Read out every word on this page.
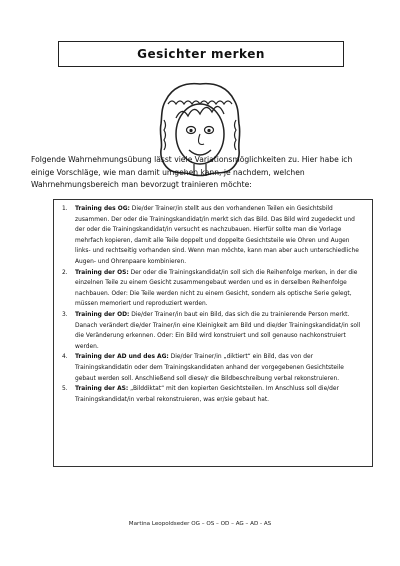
Gesichter merken
Folgende Wahrnehmungsübung lässt viele Variationsmöglichkeiten zu. Hier habe ich einige Vorschläge, wie man damit umgehen kann, je nachdem, welchen Wahrnehmungsbereich man bevorzugt trainieren möchte:
1.	Training des OG: Die/der Trainer/in stellt aus den vorhandenen Teilen ein Gesichtsbild zusammen. Der oder die Trainingskandidat/in merkt sich das Bild. Das Bild wird zugedeckt und der oder die Trainingskandidat/in versucht es nachzubauen. Hierfür sollte man die Vorlage mehrfach kopieren, damit alle Teile doppelt und doppelte Gesichtsteile wie Ohren und Augen links- und rechtseitig vorhanden sind. Wenn man möchte, kann man aber auch unterschiedliche Augen- und Ohrenpaare kombinieren.
2.	Training der OS: Der oder die Trainingskandidat/in soll sich die Reihenfolge merken, in der die einzelnen Teile zu einem Gesicht zusammengebaut werden und es in derselben Reihenfolge nachbauen. Oder: Die Teile werden nicht zu einem Gesicht, sondern als optische Serie gelegt, müssen memoriert und reproduziert werden.
3.	Training der OD: Die/der Trainer/in baut ein Bild, das sich die zu trainierende Person merkt. Danach verändert die/der Trainer/in eine Kleinigkeit am Bild und die/der Trainingskandidat/in soll die Veränderung erkennen. Oder: Ein Bild wird konstruiert und soll genauso nachkonstruiert werden.
4.	Training der AD und des AG: Die/der Trainer/in „diktiert“ ein Bild, das von der Trainingskandidatin oder dem Trainingskandidaten anhand der vorgegebenen Gesichtsteile gebaut werden soll. Anschließend soll diese/r die Bildbeschreibung verbal rekonstruieren.
5.	Training der AS: „Bilddiktat“ mit den kopierten Gesichtsteilen. Im Anschluss soll die/der Trainingskandidat/in verbal rekonstruieren, was er/sie gebaut hat.
Martina Leopoldseder OG – OS – OD – AG – AD - AS
